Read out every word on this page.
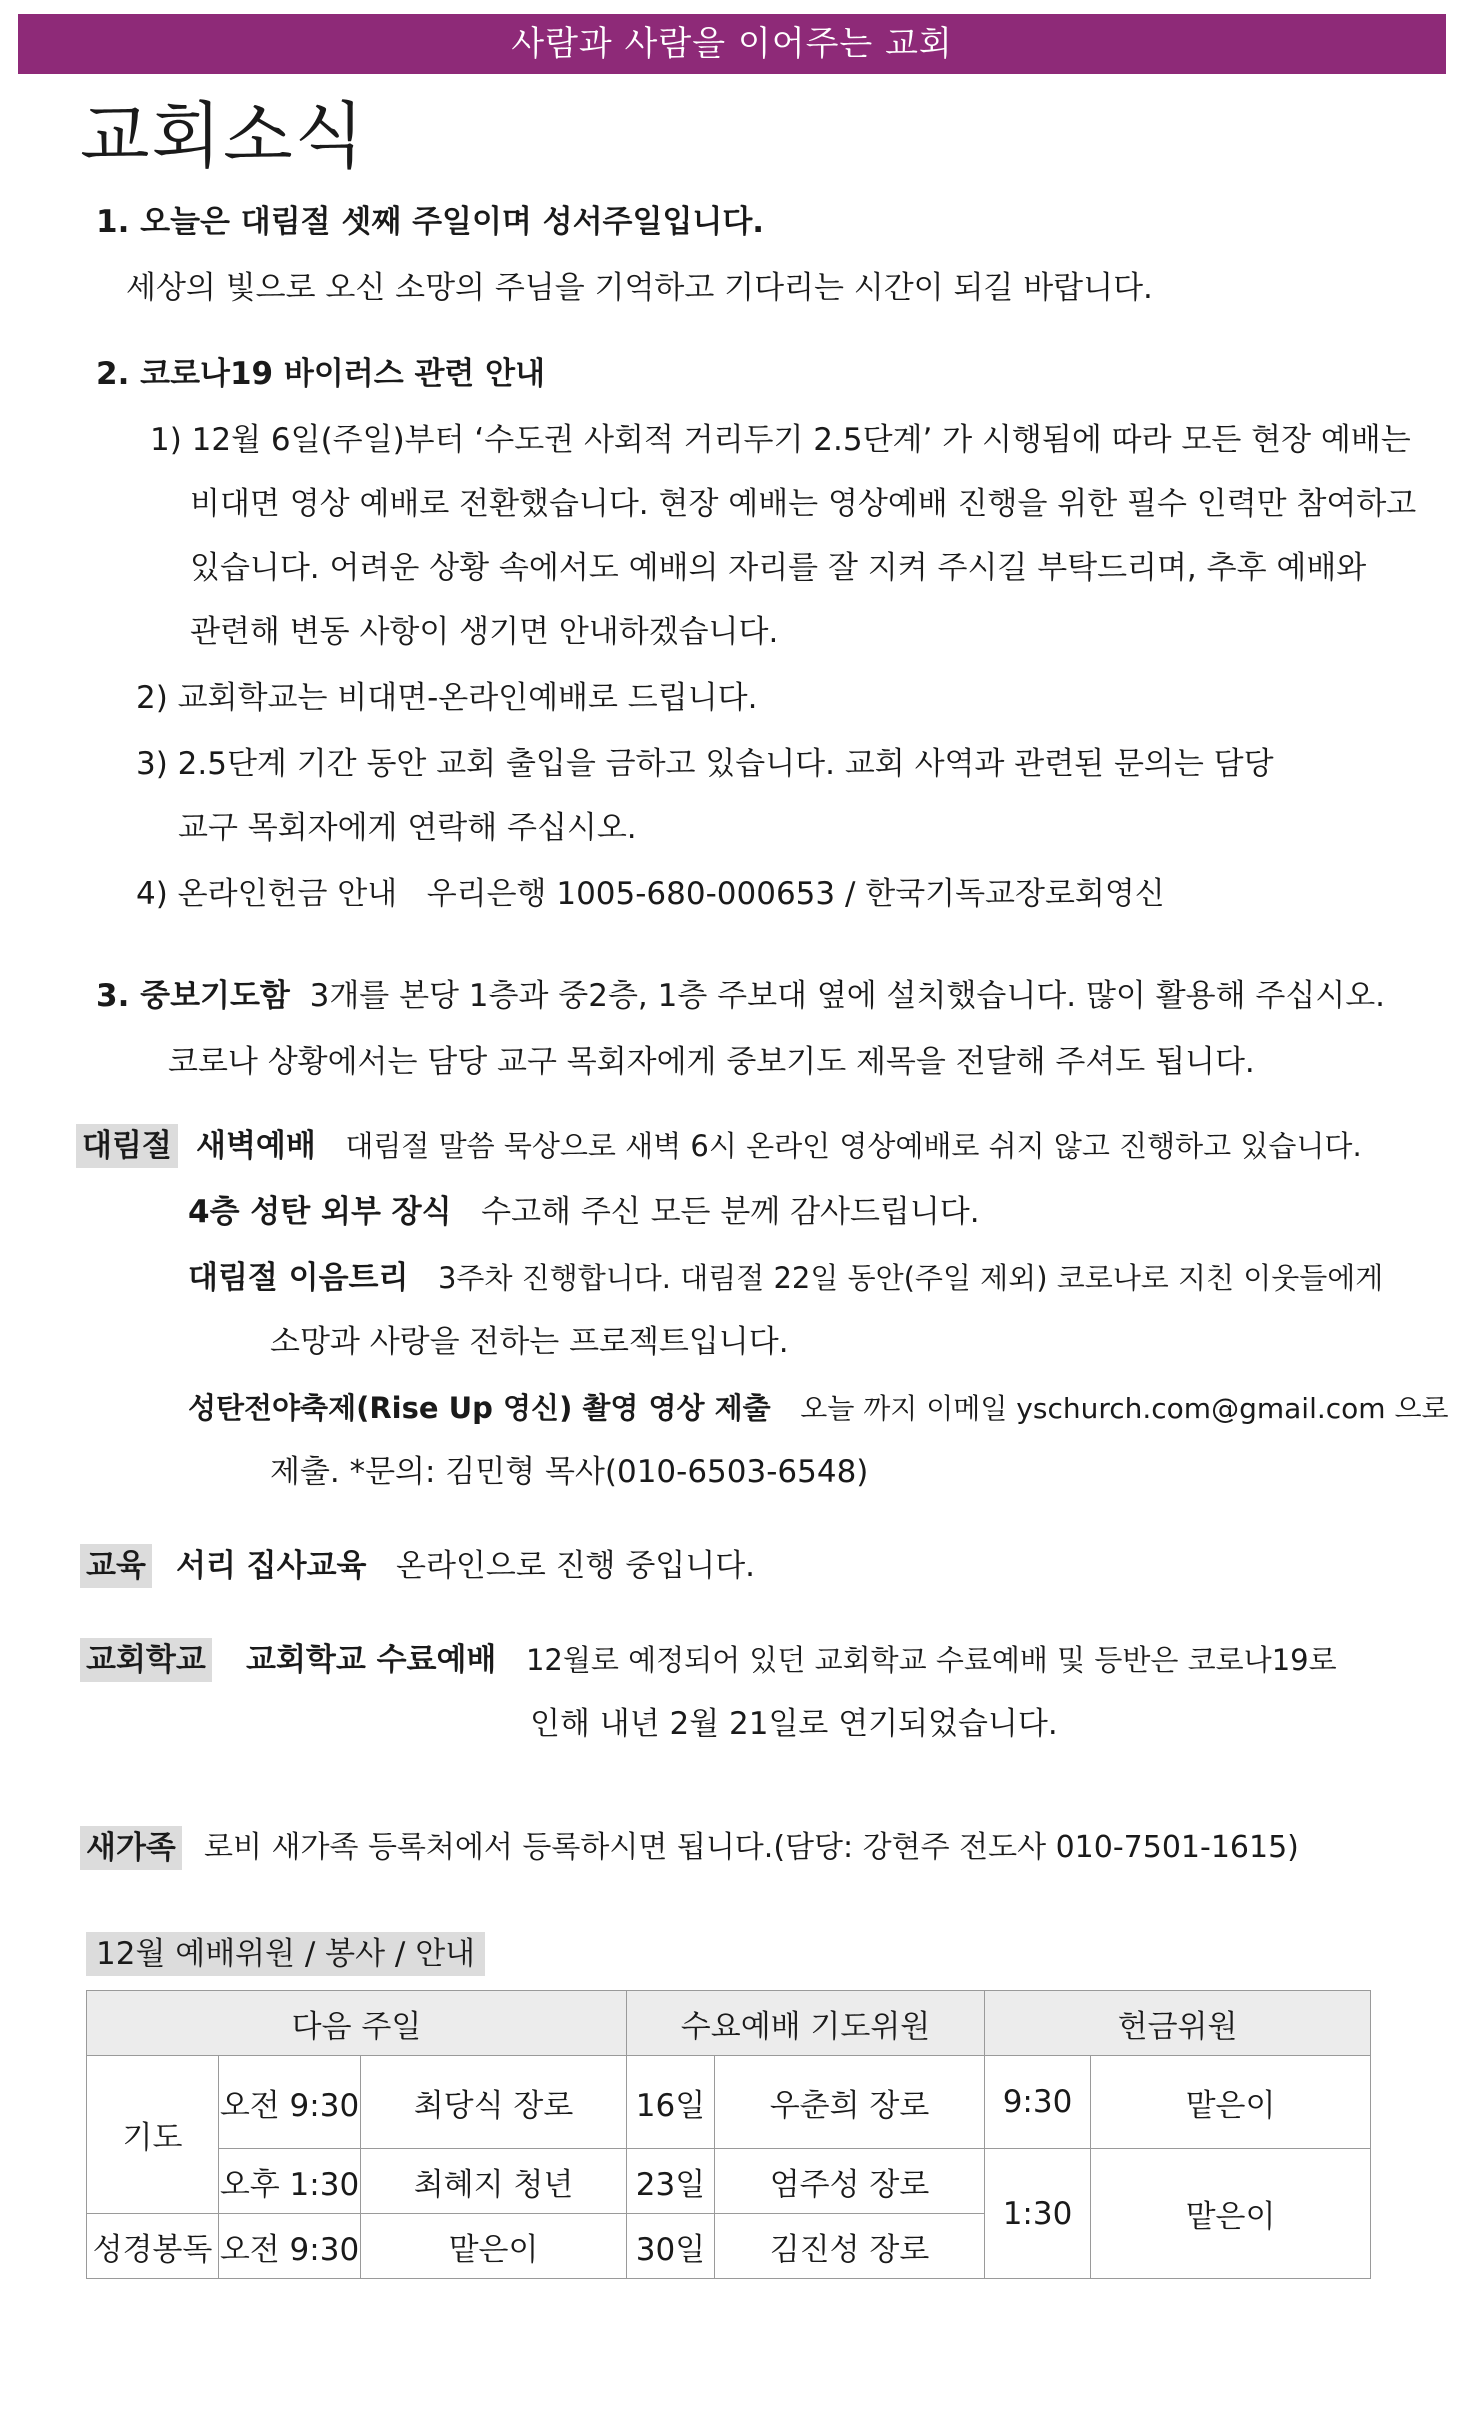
사람과 사람을 이어주는 교회
교회소식
1. 오늘은 대림절 셋째 주일이며 성서주일입니다.
세상의 빛으로 오신 소망의 주님을 기억하고 기다리는 시간이 되길 바랍니다.
2. 코로나19 바이러스 관련 안내
1) 12월 6일(주일)부터 ‘수도권 사회적 거리두기 2.5단계’ 가 시행됨에 따라 모든 현장 예배는
비대면 영상 예배로 전환했습니다. 현장 예배는 영상예배 진행을 위한 필수 인력만 참여하고
있습니다. 어려운 상황 속에서도 예배의 자리를 잘 지켜 주시길 부탁드리며, 추후 예배와
관련해 변동 사항이 생기면 안내하겠습니다.
2) 교회학교는 비대면-온라인예배로 드립니다.
3) 2.5단계 기간 동안 교회 출입을 금하고 있습니다. 교회 사역과 관련된 문의는 담당
교구 목회자에게 연락해 주십시오.
4) 온라인헌금 안내   우리은행 1005-680-000653 / 한국기독교장로회영신
3. 중보기도함 3개를 본당 1층과 중2층, 1층 주보대 옆에 설치했습니다. 많이 활용해 주십시오.
코로나 상황에서는 담당 교구 목회자에게 중보기도 제목을 전달해 주셔도 됩니다.
대림절 새벽예배 대림절 말씀 묵상으로 새벽 6시 온라인 영상예배로 쉬지 않고 진행하고 있습니다.
4층 성탄 외부 장식 수고해 주신 모든 분께 감사드립니다.
대림절 이음트리 3주차 진행합니다. 대림절 22일 동안(주일 제외) 코로나로 지친 이웃들에게
소망과 사랑을 전하는 프로젝트입니다.
성탄전야축제(Rise Up 영신) 촬영 영상 제출 오늘 까지 이메일 yschurch.com@gmail.com 으로
제출. *문의: 김민형 목사(010-6503-6548)
교육 서리 집사교육 온라인으로 진행 중입니다.
교회학교 교회학교 수료예배 12월로 예정되어 있던 교회학교 수료예배 및 등반은 코로나19로
인해 내년 2월 21일로 연기되었습니다.
새가족 로비 새가족 등록처에서 등록하시면 됩니다.(담당: 강현주 전도사 010-7501-1615)
12월 예배위원 / 봉사 / 안내
다음 주일			수요예배 기도위원		헌금위원	
기도	오전 9:30	최당식 장로	16일	우춘희 장로	9:30	맡은이
	오후 1:30	최혜지 청년	23일	엄주성 장로	1:30	맡은이
성경봉독	오전 9:30	맡은이	30일	김진성 장로		
